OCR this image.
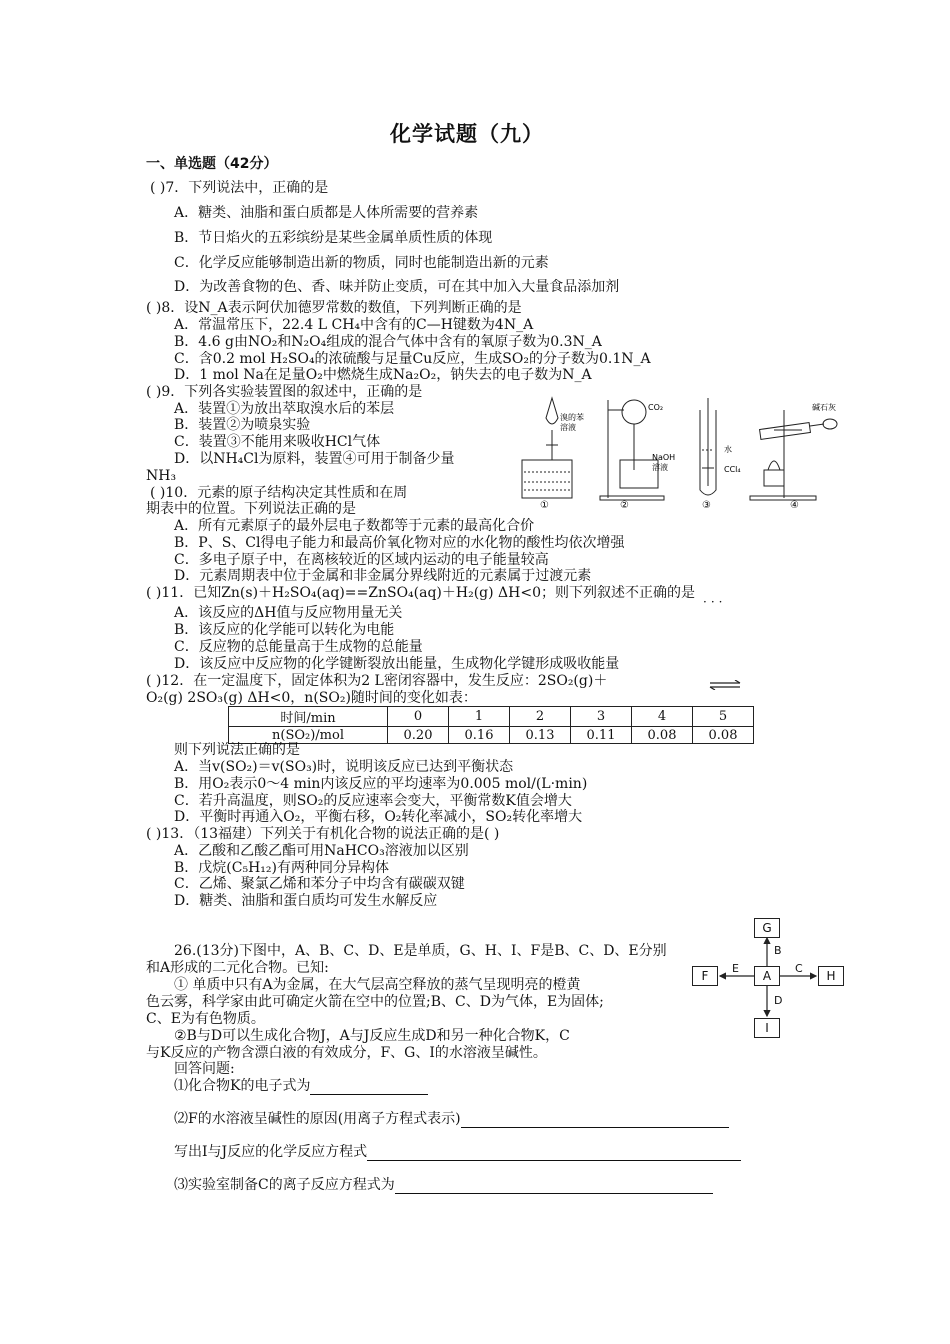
化学试题（九）
一、单选题（42分）
( )7．下列说法中，正确的是
A．糖类、油脂和蛋白质都是人体所需要的营养素
B．节日焰火的五彩缤纷是某些金属单质性质的体现
C．化学反应能够制造出新的物质，同时也能制造出新的元素
D．为改善食物的色、香、味并防止变质，可在其中加入大量食品添加剂
( )8．设N_A表示阿伏加德罗常数的数值，下列判断正确的是
A．常温常压下，22.4 L CH₄中含有的C—H键数为4N_A
B．4.6 g由NO₂和N₂O₄组成的混合气体中含有的氧原子数为0.3N_A
C．含0.2 mol H₂SO₄的浓硫酸与足量Cu反应，生成SO₂的分子数为0.1N_A
D．1 mol Na在足量O₂中燃烧生成Na₂O₂，钠失去的电子数为N_A
( )9．下列各实验装置图的叙述中，正确的是
A．装置①为放出萃取溴水后的苯层
B．装置②为喷泉实验
C．装置③不能用来吸收HCl气体
D．以NH₄Cl为原料，装置④可用于制备少量
NH₃
溴的苯
溶液
①
CO₂
NaOH
溶液
②
水
CCl₄
③
碱石灰
④
( )10．元素的原子结构决定其性质和在周
期表中的位置。下列说法正确的是
A．所有元素原子的最外层电子数都等于元素的最高化合价
B．P、S、Cl得电子能力和最高价氧化物对应的水化物的酸性均依次增强
C．多电子原子中，在离核较近的区域内运动的电子能量较高
D．元素周期表中位于金属和非金属分界线附近的元素属于过渡元素
( )11．已知Zn(s)＋H₂SO₄(aq)==ZnSO₄(aq)＋H₂(g) ΔH<0；则下列叙述不正确的是
···
A．该反应的ΔH值与反应物用量无关
B．该反应的化学能可以转化为电能
C．反应物的总能量高于生成物的总能量
D．该反应中反应物的化学键断裂放出能量，生成物化学键形成吸收能量
( )12．在一定温度下，固定体积为2 L密闭容器中，发生反应：2SO₂(g)＋
O₂(g) 2SO₃(g) ΔH<0，n(SO₂)随时间的变化如表：
时间/min	0	1	2	3	4	5
n(SO₂)/mol	0.20	0.16	0.13	0.11	0.08	0.08
则下列说法正确的是
A．当v(SO₂)＝v(SO₃)时，说明该反应已达到平衡状态
B．用O₂表示0～4 min内该反应的平均速率为0.005 mol/(L·min)
C．若升高温度，则SO₂的反应速率会变大，平衡常数K值会增大
D．平衡时再通入O₂，平衡右移，O₂转化率减小，SO₂转化率增大
( )13．（13福建）下列关于有机化合物的说法正确的是( )
A．乙酸和乙酸乙酯可用NaHCO₃溶液加以区别
B．戊烷(C₅H₁₂)有两种同分异构体
C．乙烯、聚氯乙烯和苯分子中均含有碳碳双键
D．糖类、油脂和蛋白质均可发生水解反应
26.(13分)下图中，A、B、C、D、E是单质，G、H、I、F是B、C、D、E分别
和A形成的二元化合物。已知:
① 单质中只有A为金属，在大气层高空释放的蒸气呈现明亮的橙黄
色云雾，科学家由此可确定火箭在空中的位置;B、C、D为气体，E为固体;
C、E为有色物质。
②B与D可以生成化合物J，A与J反应生成D和另一种化合物K，C
与K反应的产物含漂白液的有效成分，F、G、I的水溶液呈碱性。
回答问题:
⑴化合物K的电子式为
⑵F的水溶液呈碱性的原因(用离子方程式表示)
写出I与J反应的化学反应方程式
⑶实验室制备C的离子反应方程式为
G
A	H
F
I
B
C
E
D
